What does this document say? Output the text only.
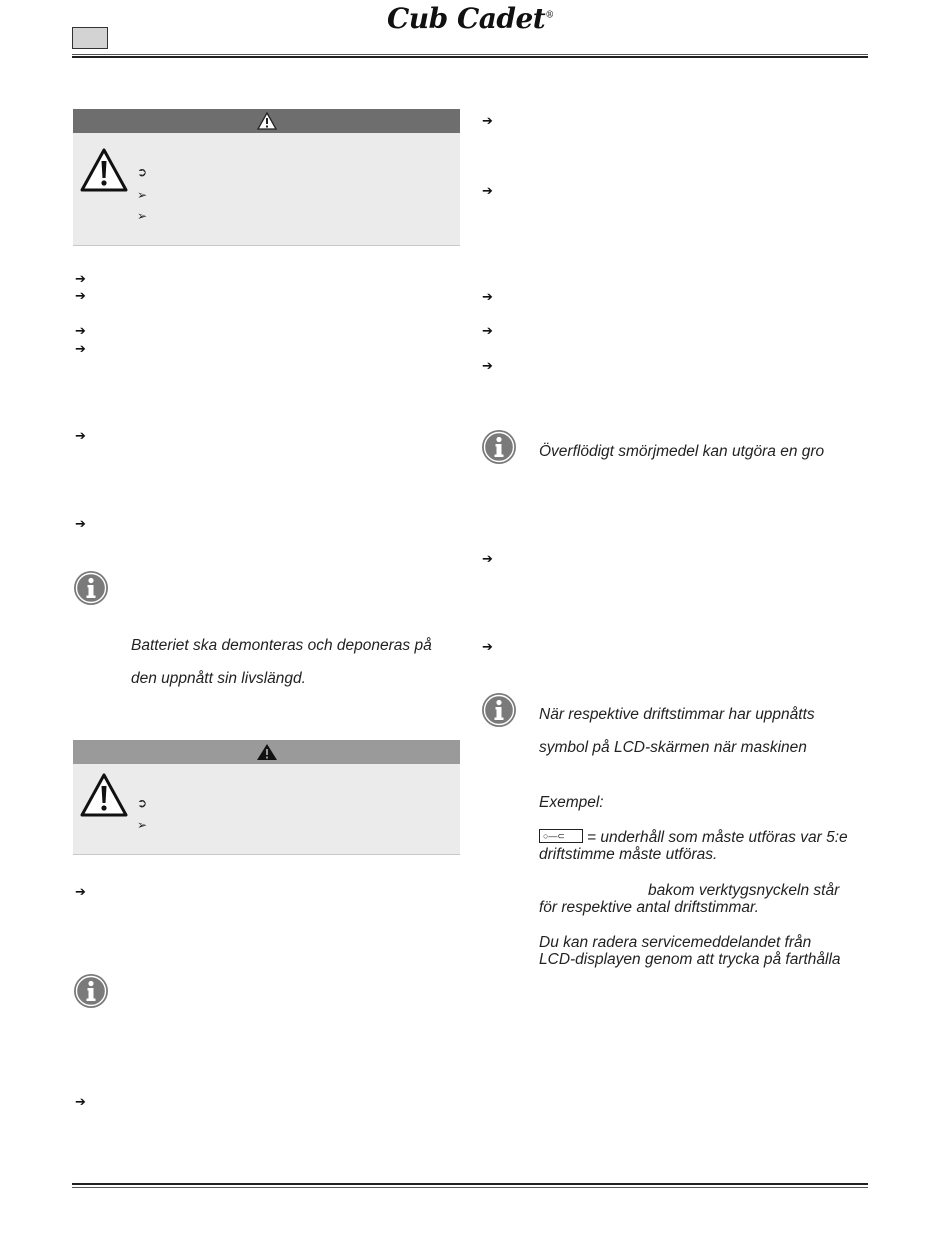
Cub Cadet®
➲
➢
➢
➔
➔
➔
➔
➔
➔
Batteriet ska demonteras och deponeras på
den uppnått sin livslängd.
➲
➢
➔
➔
➔
➔
➔
➔
➔
Överflödigt smörjmedel kan utgöra en gro
➔
➔
När respektive driftstimmar har uppnåtts
symbol på LCD-skärmen när maskinen
Exempel:
○—⊂ = underhåll som måste utföras var 5:e
driftstimme måste utföras.
bakom verktygsnyckeln står
för respektive antal driftstimmar.
Du kan radera servicemeddelandet från
LCD-displayen genom att trycka på farthålla
